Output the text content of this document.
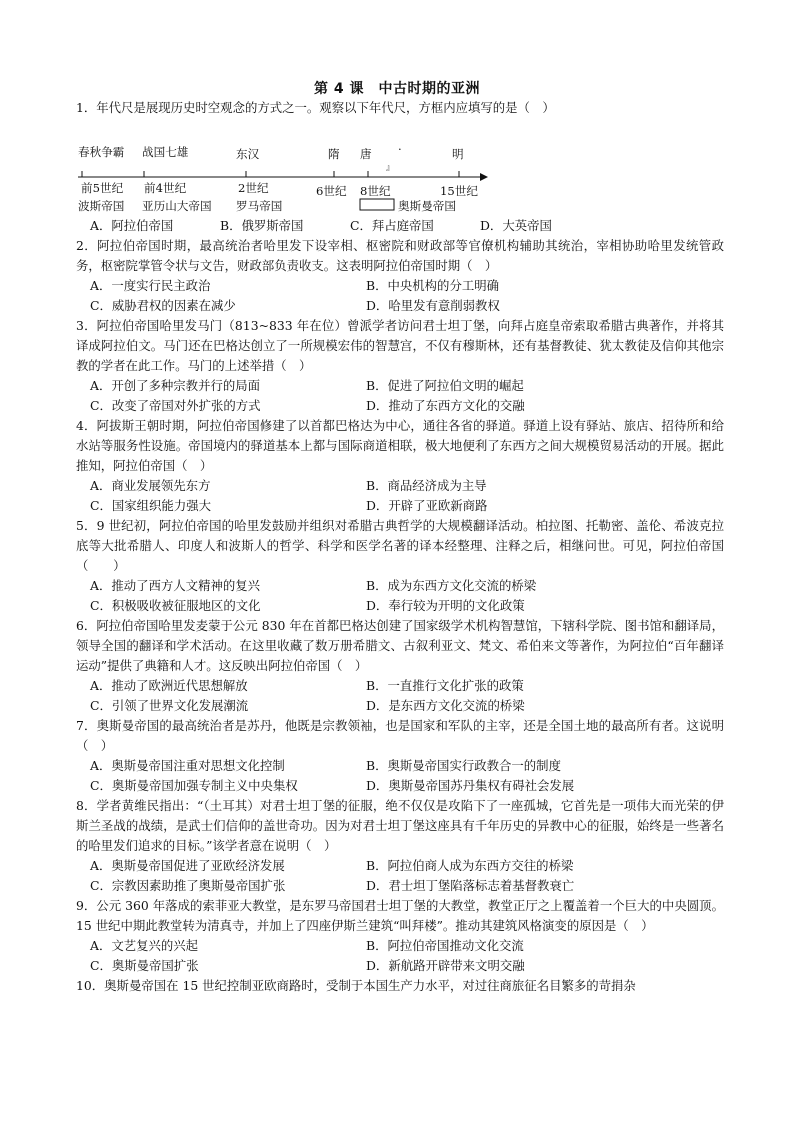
第 4 课　中古时期的亚洲

1．年代尺是展现历史时空观念的方式之一。观察以下年代尺，方框内应填写的是（　）

春秋争霸 战国七雄	东汉	隋 唐 ·
』
明
前5世纪 前4世纪	2世纪	6世纪 8世纪	15世纪
波斯帝国 亚历山大帝国 罗马帝国	奥斯曼帝国
A．阿拉伯帝国	B．俄罗斯帝国	C．拜占庭帝国	D．大英帝国

2．阿拉伯帝国时期，最高统治者哈里发下设宰相、枢密院和财政部等官僚机构辅助其统治，宰相协助哈里发统管政务，枢密院掌管令状与文告，财政部负责收支。这表明阿拉伯帝国时期（　）

A．一度实行民主政治	B．中央机构的分工明确
C．威胁君权的因素在减少	D．哈里发有意削弱教权

3．阿拉伯帝国哈里发马门（813~833 年在位）曾派学者访问君士坦丁堡，向拜占庭皇帝索取希腊古典著作，并将其译成阿拉伯文。马门还在巴格达创立了一所规模宏伟的智慧宫，不仅有穆斯林，还有基督教徒、犹太教徒及信仰其他宗教的学者在此工作。马门的上述举措（　）

A．开创了多种宗教并行的局面	B．促进了阿拉伯文明的崛起
C．改变了帝国对外扩张的方式	D．推动了东西方文化的交融

4．阿拔斯王朝时期，阿拉伯帝国修建了以首都巴格达为中心，通往各省的驿道。驿道上设有驿站、旅店、招待所和给水站等服务性设施。帝国境内的驿道基本上都与国际商道相联，极大地便利了东西方之间大规模贸易活动的开展。据此推知，阿拉伯帝国（　）

A．商业发展领先东方	B．商品经济成为主导
C．国家组织能力强大	D．开辟了亚欧新商路

5．9 世纪初，阿拉伯帝国的哈里发鼓励并组织对希腊古典哲学的大规模翻译活动。柏拉图、托勒密、盖伦、希波克拉底等大批希腊人、印度人和波斯人的哲学、科学和医学名著的译本经整理、注释之后，相继问世。可见，阿拉伯帝国（　　）

A．推动了西方人文精神的复兴	B．成为东西方文化交流的桥梁
C．积极吸收被征服地区的文化	D．奉行较为开明的文化政策

6．阿拉伯帝国哈里发麦蒙于公元 830 年在首都巴格达创建了国家级学术机构智慧馆，下辖科学院、图书馆和翻译局，领导全国的翻译和学术活动。在这里收藏了数万册希腊文、古叙利亚文、梵文、希伯来文等著作，为阿拉伯“百年翻译运动”提供了典籍和人才。这反映出阿拉伯帝国（　）

A．推动了欧洲近代思想解放	B．一直推行文化扩张的政策
C．引领了世界文化发展潮流	D．是东西方文化交流的桥梁

7．奥斯曼帝国的最高统治者是苏丹，他既是宗教领袖，也是国家和军队的主宰，还是全国土地的最高所有者。这说明（　）

A．奥斯曼帝国注重对思想文化控制	B．奥斯曼帝国实行政教合一的制度
C．奥斯曼帝国加强专制主义中央集权	D．奥斯曼帝国苏丹集权有碍社会发展

8．学者黄维民指出：“（土耳其）对君士坦丁堡的征服，绝不仅仅是攻陷下了一座孤城，它首先是一项伟大而光荣的伊斯兰圣战的战绩，是武士们信仰的盖世奇功。因为对君士坦丁堡这座具有千年历史的异教中心的征服，始终是一些著名的哈里发们追求的目标。”该学者意在说明（　）

A．奥斯曼帝国促进了亚欧经济发展	B．阿拉伯商人成为东西方交往的桥梁
C．宗教因素助推了奥斯曼帝国扩张	D．君士坦丁堡陷落标志着基督教衰亡

9．公元 360 年落成的索菲亚大教堂，是东罗马帝国君士坦丁堡的大教堂，教堂正厅之上覆盖着一个巨大的中央圆顶。15 世纪中期此教堂转为清真寺，并加上了四座伊斯兰建筑“叫拜楼”。推动其建筑风格演变的原因是（　）

A．文艺复兴的兴起	B．阿拉伯帝国推动文化交流
C．奥斯曼帝国扩张	D．新航路开辟带来文明交融

10．奥斯曼帝国在 15 世纪控制亚欧商路时，受制于本国生产力水平，对过往商旅征名目繁多的苛捐杂
